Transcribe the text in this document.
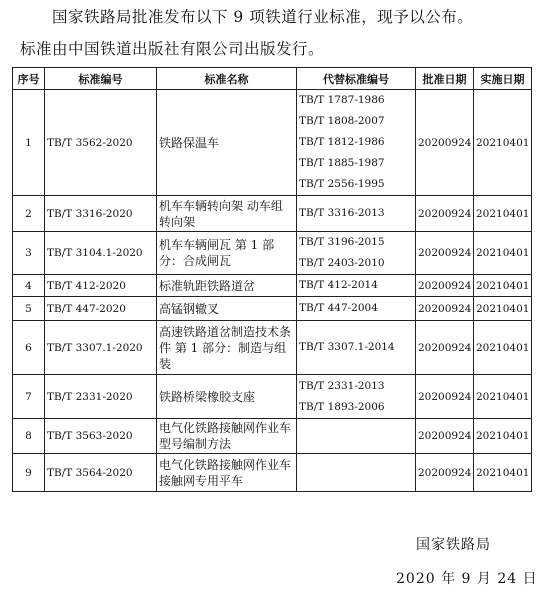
国家铁路局批准发布以下 9 项铁道行业标准，现予以公布。
标准由中国铁道出版社有限公司出版发行。
序号	标准编号	标准名称	代替标准编号	批准日期	实施日期
1	TB/T 3562-2020	铁路保温车	TB/T 1787-1986
TB/T 1808-2007
TB/T 1812-1986
TB/T 1885-1987
TB/T 2556-1995	20200924	20210401
2	TB/T 3316-2020	机车车辆转向架 动车组转向架	TB/T 3316-2013	20200924	20210401
3	TB/T 3104.1-2020	机车车辆闸瓦 第 1 部分：合成闸瓦	TB/T 3196-2015
TB/T 2403-2010	20200924	20210401
4	TB/T 412-2020	标准轨距铁路道岔	TB/T 412-2014	20200924	20210401
5	TB/T 447-2020	高锰钢辙叉	TB/T 447-2004	20200924	20210401
6	TB/T 3307.1-2020	高速铁路道岔制造技术条件 第 1 部分：制造与组装	TB/T 3307.1-2014	20200924	20210401
7	TB/T 2331-2020	铁路桥梁橡胶支座	TB/T 2331-2013
TB/T 1893-2006	20200924	20210401
8	TB/T 3563-2020	电气化铁路接触网作业车　型号编制方法		20200924	20210401
9	TB/T 3564-2020	电气化铁路接触网作业车　接触网专用平车		20200924	20210401
国家铁路局
2020 年 9 月 24 日
